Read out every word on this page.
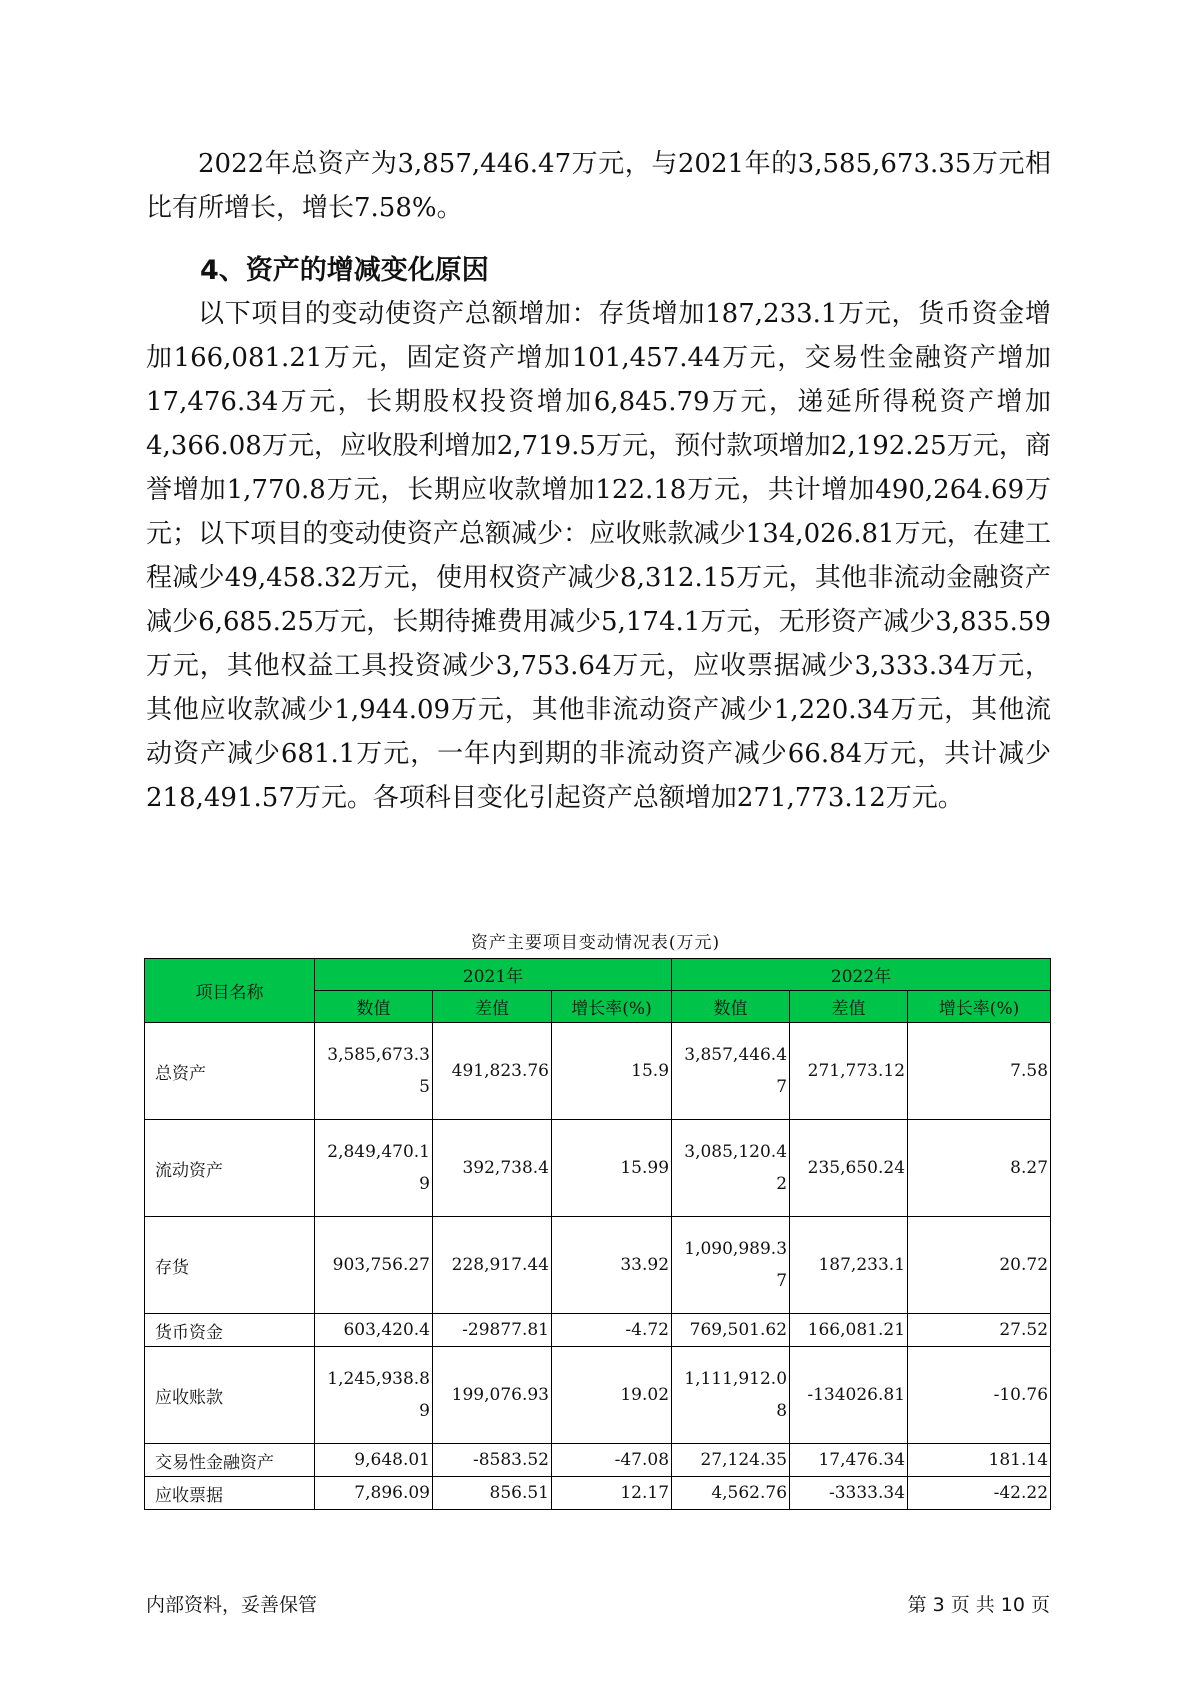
2022年总资产为3,857,446.47万元，与2021年的3,585,673.35万元相比有所增长，增长7.58%。

4、资产的增减变化原因

以下项目的变动使资产总额增加：存货增加187,233.1万元，货币资金增加166,081.21万元，固定资产增加101,457.44万元，交易性金融资产增加17,476.34万元，长期股权投资增加6,845.79万元，递延所得税资产增加4,366.08万元，应收股利增加2,719.5万元，预付款项增加2,192.25万元，商誉增加1,770.8万元，长期应收款增加122.18万元，共计增加490,264.69万元；以下项目的变动使资产总额减少：应收账款减少134,026.81万元，在建工程减少49,458.32万元，使用权资产减少8,312.15万元，其他非流动金融资产减少6,685.25万元，长期待摊费用减少5,174.1万元，无形资产减少3,835.59万元，其他权益工具投资减少3,753.64万元，应收票据减少3,333.34万元，其他应收款减少1,944.09万元，其他非流动资产减少1,220.34万元，其他流动资产减少681.1万元，一年内到期的非流动资产减少66.84万元，共计减少218,491.57万元。各项科目变化引起资产总额增加271,773.12万元。

资产主要项目变动情况表(万元)
项目名称	2021年			2022年		
	数值	差值	增长率(%)	数值	差值	增长率(%)
总资产	3,585,673.35	491,823.76	15.9	3,857,446.47	271,773.12	7.58
流动资产	2,849,470.19	392,738.4	15.99	3,085,120.42	235,650.24	8.27
存货	903,756.27	228,917.44	33.92	1,090,989.37	187,233.1	20.72
货币资金	603,420.4	-29877.81	-4.72	769,501.62	166,081.21	27.52
应收账款	1,245,938.89	199,076.93	19.02	1,111,912.08	-134026.81	-10.76
交易性金融资产	9,648.01	-8583.52	-47.08	27,124.35	17,476.34	181.14
应收票据	7,896.09	856.51	12.17	4,562.76	-3333.34	-42.22
内部资料，妥善保管	第 3 页 共 10 页
